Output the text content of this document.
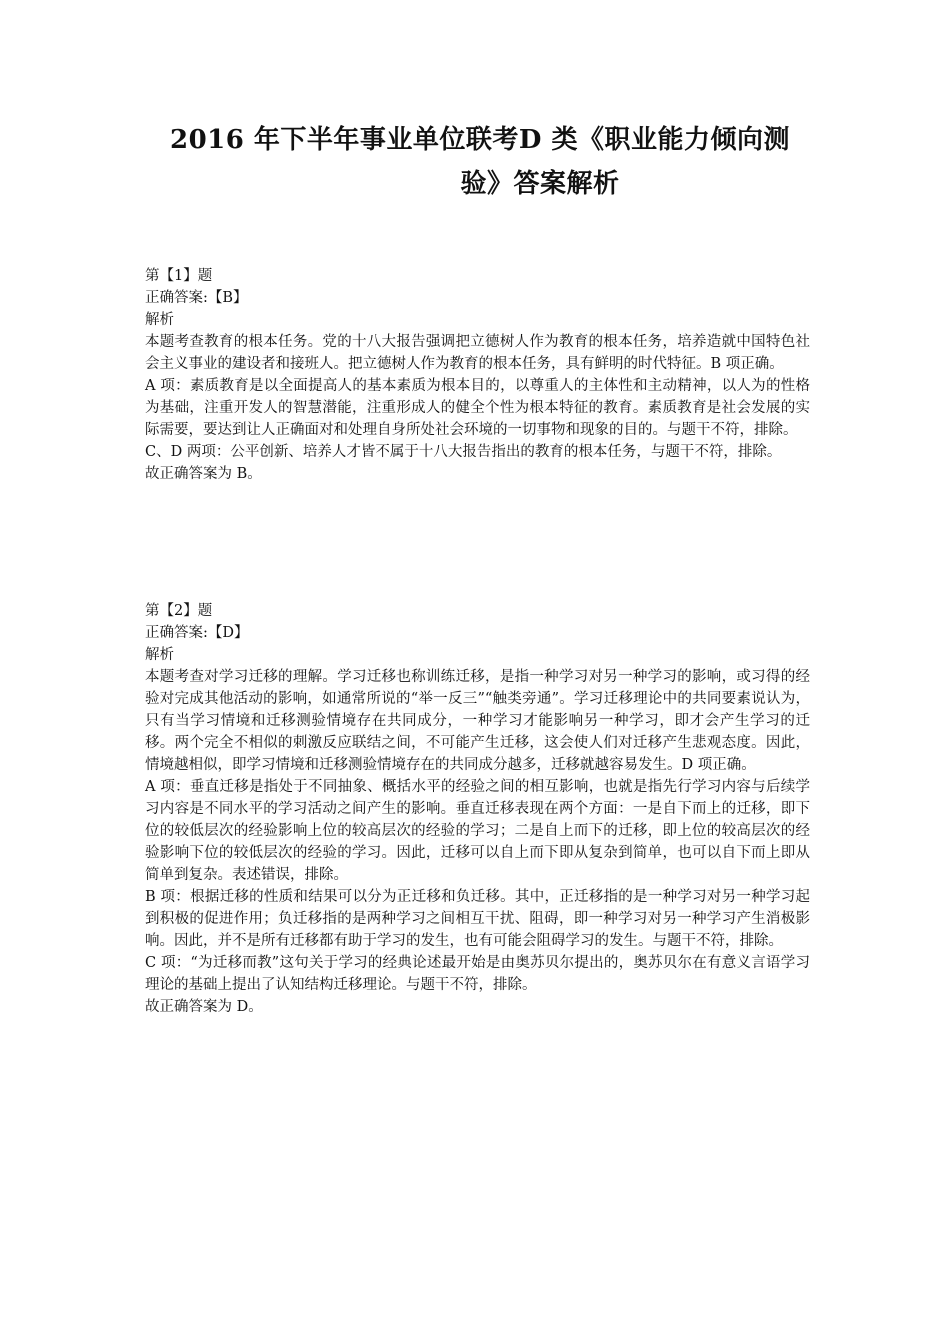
2016 年下半年事业单位联考D 类《职业能力倾向测
验》答案解析

第【1】题

正确答案:【B】

解析

本题考查教育的根本任务。党的十八大报告强调把立德树人作为教育的根本任务，培养造就中国特色社会主义事业的建设者和接班人。把立德树人作为教育的根本任务，具有鲜明的时代特征。B 项正确。

A 项：素质教育是以全面提高人的基本素质为根本目的，以尊重人的主体性和主动精神，以人为的性格为基础，注重开发人的智慧潜能，注重形成人的健全个性为根本特征的教育。素质教育是社会发展的实际需要，要达到让人正确面对和处理自身所处社会环境的一切事物和现象的目的。与题干不符，排除。

C、D 两项：公平创新、培养人才皆不属于十八大报告指出的教育的根本任务，与题干不符，排除。

故正确答案为 B。

第【2】题

正确答案:【D】

解析

本题考查对学习迁移的理解。学习迁移也称训练迁移，是指一种学习对另一种学习的影响，或习得的经验对完成其他活动的影响，如通常所说的“举一反三”“触类旁通”。学习迁移理论中的共同要素说认为，只有当学习情境和迁移测验情境存在共同成分，一种学习才能影响另一种学习，即才会产生学习的迁移。两个完全不相似的刺激反应联结之间，不可能产生迁移，这会使人们对迁移产生悲观态度。因此，情境越相似，即学习情境和迁移测验情境存在的共同成分越多，迁移就越容易发生。D 项正确。

A 项：垂直迁移是指处于不同抽象、概括水平的经验之间的相互影响，也就是指先行学习内容与后续学习内容是不同水平的学习活动之间产生的影响。垂直迁移表现在两个方面：一是自下而上的迁移，即下位的较低层次的经验影响上位的较高层次的经验的学习；二是自上而下的迁移，即上位的较高层次的经验影响下位的较低层次的经验的学习。因此，迁移可以自上而下即从复杂到简单，也可以自下而上即从简单到复杂。表述错误，排除。

B 项：根据迁移的性质和结果可以分为正迁移和负迁移。其中，正迁移指的是一种学习对另一种学习起到积极的促进作用；负迁移指的是两种学习之间相互干扰、阻碍，即一种学习对另一种学习产生消极影响。因此，并不是所有迁移都有助于学习的发生，也有可能会阻碍学习的发生。与题干不符，排除。

C 项：“为迁移而教”这句关于学习的经典论述最开始是由奥苏贝尔提出的，奥苏贝尔在有意义言语学习理论的基础上提出了认知结构迁移理论。与题干不符，排除。

故正确答案为 D。
